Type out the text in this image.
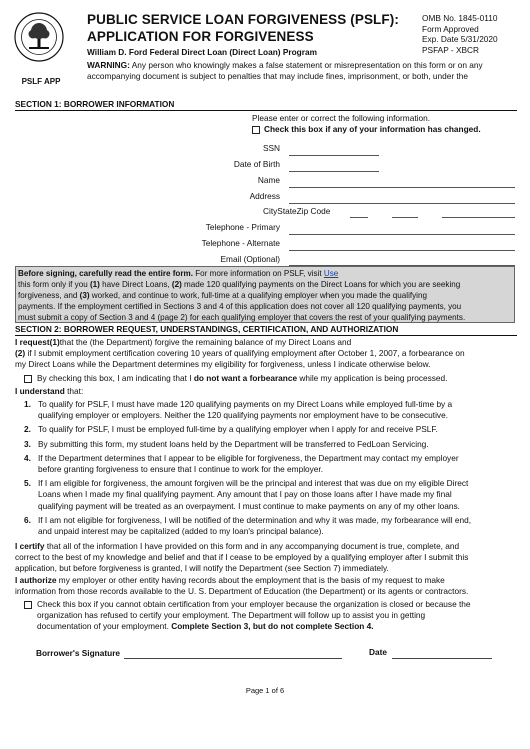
PSLF APP
PUBLIC SERVICE LOAN FORGIVENESS (PSLF):
APPLICATION FOR FORGIVENESS
William D. Ford Federal Direct Loan (Direct Loan) Program
OMB No. 1845-0110
Form Approved
Exp. Date 5/31/2020
PSFAP - XBCR
WARNING: Any person who knowingly makes a false statement or misrepresentation on this form or on any accompanying document is subject to penalties that may include fines, imprisonment, or both, under the
SECTION 1: BORROWER INFORMATION
Please enter or correct the following information.
Check this box if any of your information has changed.
SSN
Date of Birth
Name
Address
CityStateZip Code
Telephone - Primary
Telephone - Alternate
Email (Optional)
Before signing, carefully read the entire form. For more information on PSLF, visit Use
this form only if you (1) have Direct Loans, (2) made 120 qualifying payments on the Direct Loans for which you are seeking
forgiveness, and (3) worked, and continue to work, full-time at a qualifying employer when you made the qualifying
payments. If the employment certified in Sections 3 and 4 of this application does not cover all 120 qualifying payments, you
must submit a copy of Section 3 and 4 (page 2) for each qualifying employer that covers the rest of your qualifying payments.
SECTION 2: BORROWER REQUEST, UNDERSTANDINGS, CERTIFICATION, AND AUTHORIZATION
I request(1)that the (the Department) forgive the remaining balance of my Direct Loans and
(2) if I submit employment certification covering 10 years of qualifying employment after October 1, 2007, a forbearance on
my Direct Loans while the Department determines my eligibility for forgiveness, unless I indicate otherwise below.
By checking this box, I am indicating that I do not want a forbearance while my application is being processed.
I understand that:
1. To qualify for PSLF, I must have made 120 qualifying payments on my Direct Loans while employed full-time by a
qualifying employer or employers. Neither the 120 qualifying payments nor employment have to be consecutive.
2. To qualify for PSLF, I must be employed full-time by a qualifying employer when I apply for and receive PSLF.
3. By submitting this form, my student loans held by the Department will be transferred to FedLoan Servicing.
4. If the Department determines that I appear to be eligible for forgiveness, the Department may contact my employer
before granting forgiveness to ensure that I continue to work for the employer.
5. If I am eligible for forgiveness, the amount forgiven will be the principal and interest that was due on my eligible Direct
Loans when I made my final qualifying payment. Any amount that I pay on those loans after I have made my final
qualifying payment will be treated as an overpayment. I must continue to make payments on any of my other loans.
6. If I am not eligible for forgiveness, I will be notified of the determination and why it was made, my forbearance will end,
and unpaid interest may be capitalized (added to my loan's principal balance).
I certify that all of the information I have provided on this form and in any accompanying document is true, complete, and
correct to the best of my knowledge and belief and that if I cease to be employed by a qualifying employer after I submit this
application, but before forgiveness is granted, I will notify the Department (see Section 7) immediately.
I authorize my employer or other entity having records about the employment that is the basis of my request to make
information from those records available to the U. S. Department of Education (the Department) or its agents or contractors.
Check this box if you cannot obtain certification from your employer because the organization is closed or because the
organization has refused to certify your employment. The Department will follow up to assist you in getting
documentation of your employment. Complete Section 3, but do not complete Section 4.
Borrower's Signature	Date
Page 1 of 6
